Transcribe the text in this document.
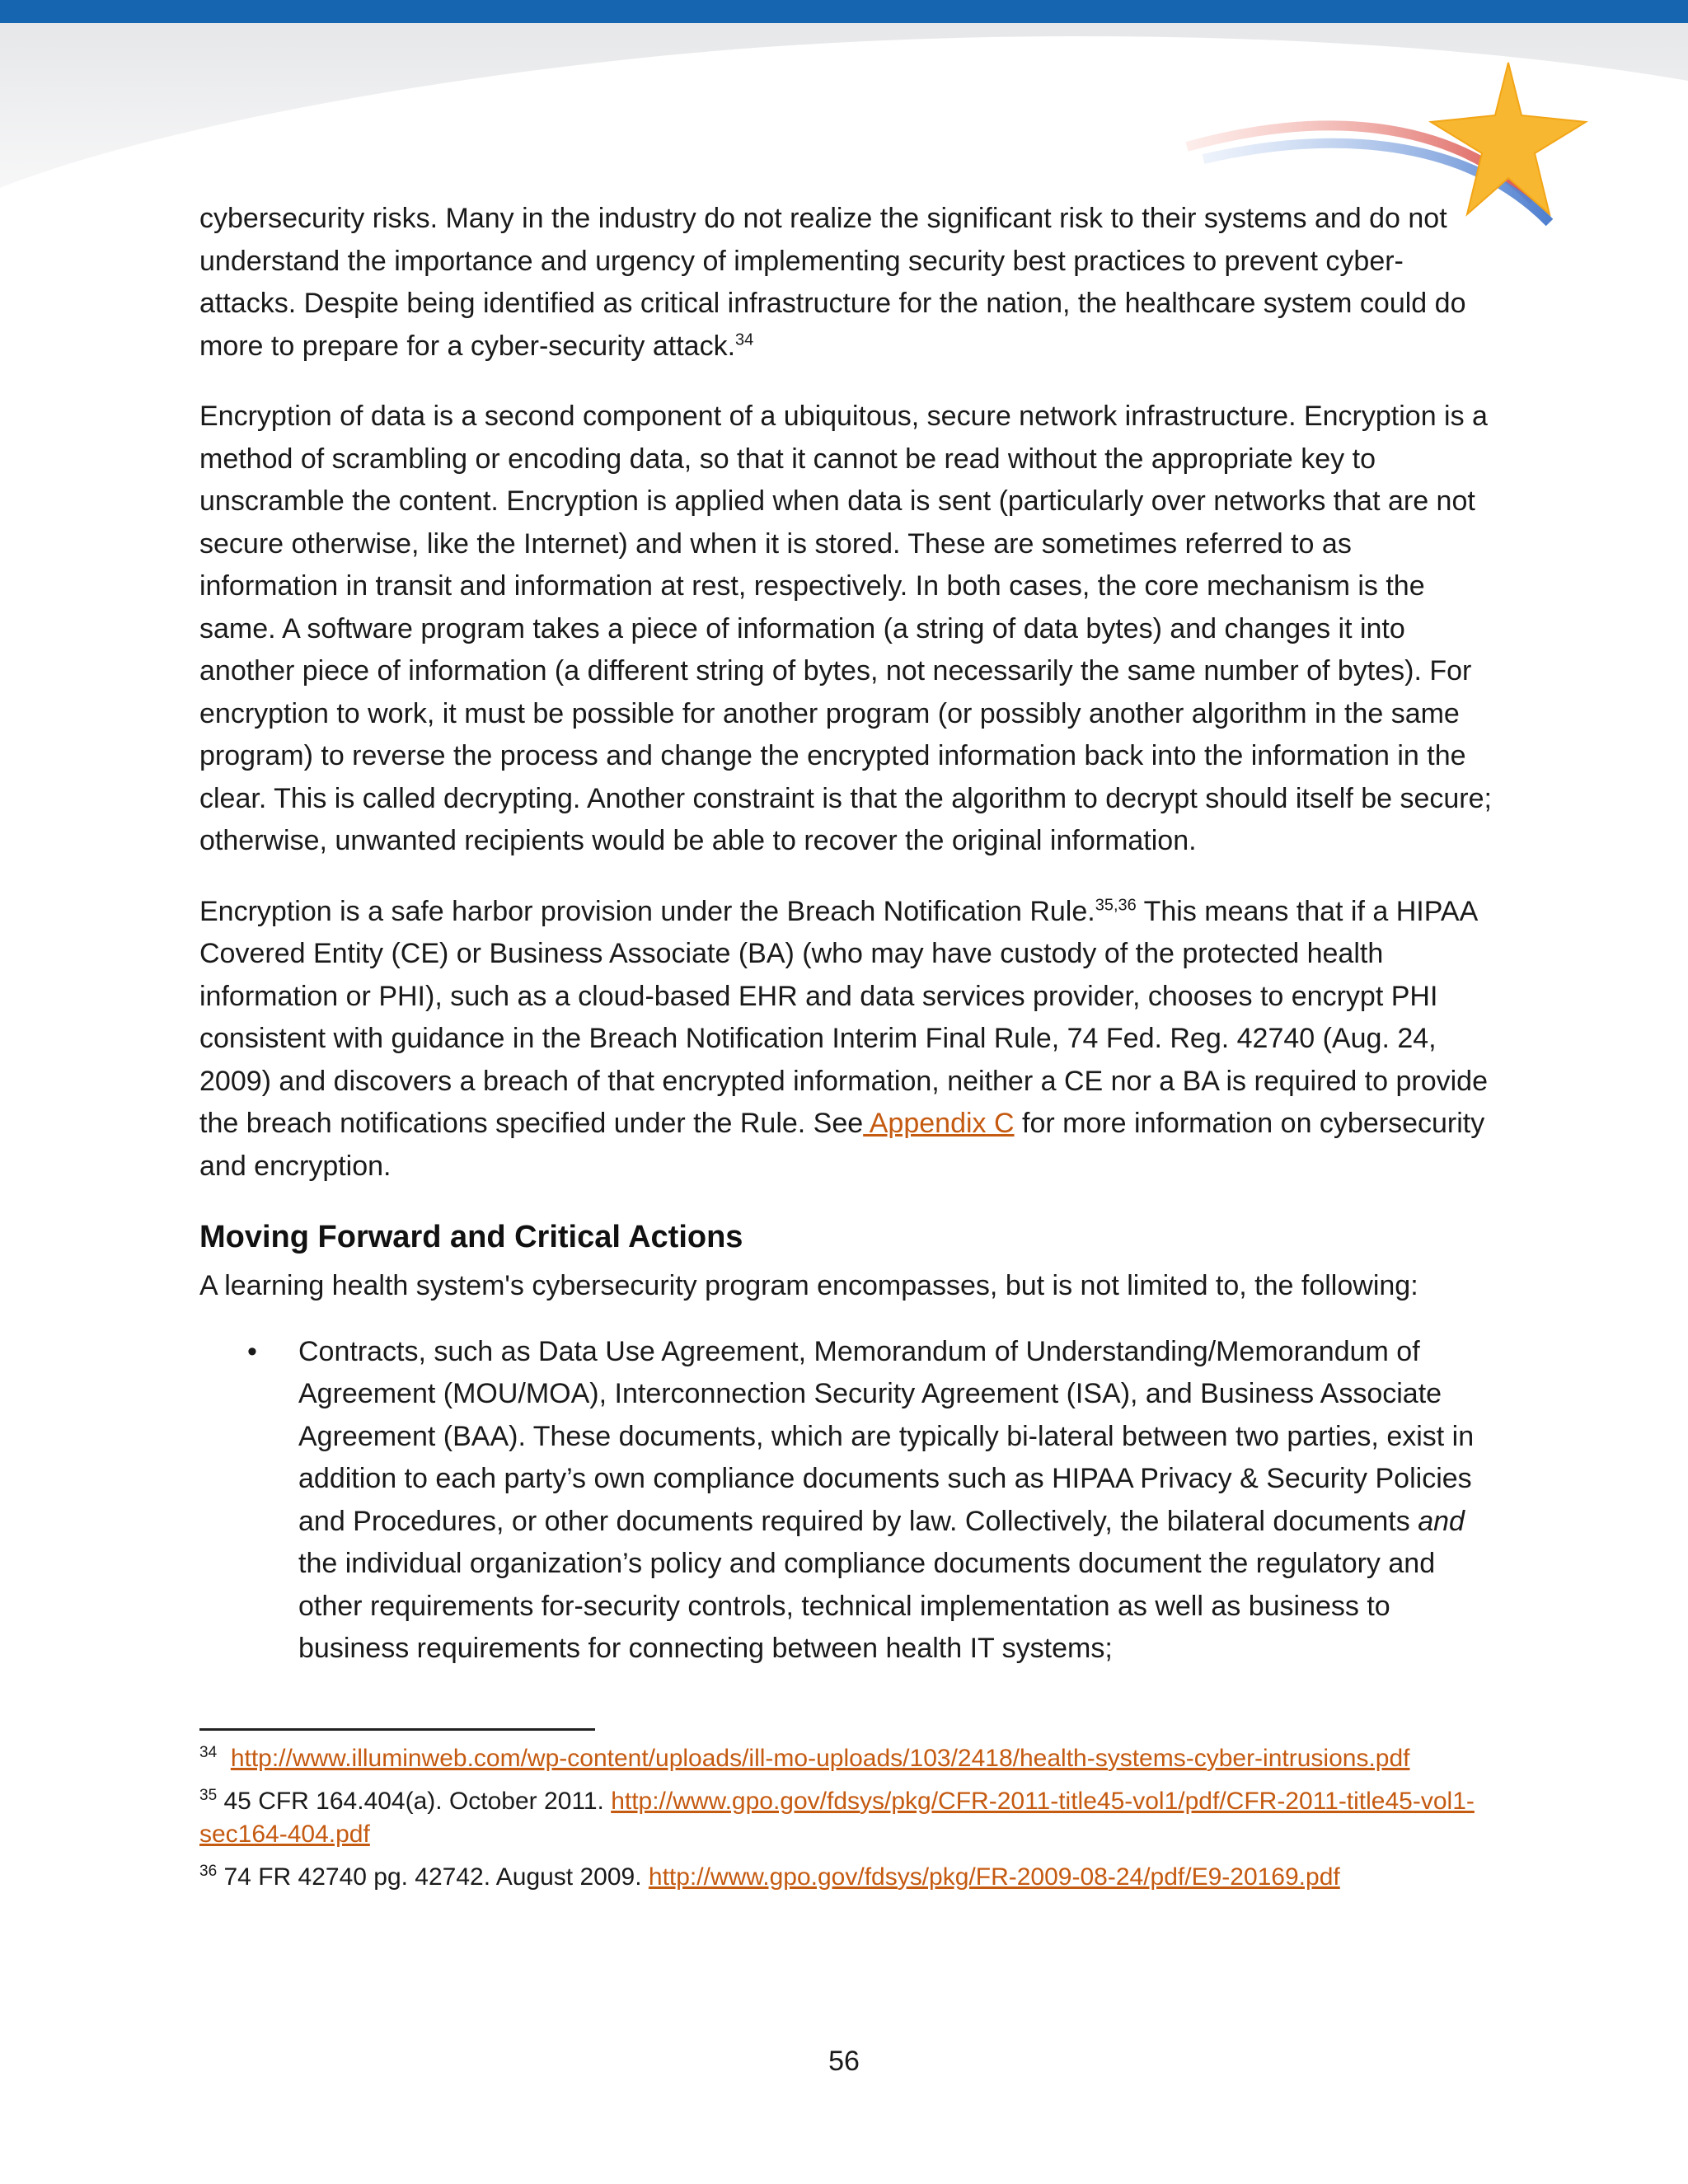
cybersecurity risks. Many in the industry do not realize the significant risk to their systems and do not understand the importance and urgency of implementing security best practices to prevent cyber-attacks. Despite being identified as critical infrastructure for the nation, the healthcare system could do more to prepare for a cyber-security attack.$^{34}$

Encryption of data is a second component of a ubiquitous, secure network infrastructure. Encryption is a method of scrambling or encoding data, so that it cannot be read without the appropriate key to unscramble the content. Encryption is applied when data is sent (particularly over networks that are not secure otherwise, like the Internet) and when it is stored. These are sometimes referred to as information in transit and information at rest, respectively. In both cases, the core mechanism is the same. A software program takes a piece of information (a string of data bytes) and changes it into another piece of information (a different string of bytes, not necessarily the same number of bytes). For encryption to work, it must be possible for another program (or possibly another algorithm in the same program) to reverse the process and change the encrypted information back into the information in the clear. This is called decrypting. Another constraint is that the algorithm to decrypt should itself be secure; otherwise, unwanted recipients would be able to recover the original information.

Encryption is a safe harbor provision under the Breach Notification Rule.$^{35,36}$ This means that if a HIPAA Covered Entity (CE) or Business Associate (BA) (who may have custody of the protected health information or PHI), such as a cloud-based EHR and data services provider, chooses to encrypt PHI consistent with guidance in the Breach Notification Interim Final Rule, 74 Fed. Reg. 42740 (Aug. 24, 2009) and discovers a breach of that encrypted information, neither a CE nor a BA is required to provide the breach notifications specified under the Rule. See Appendix C for more information on cybersecurity and encryption.

Moving Forward and Critical Actions

A learning health system's cybersecurity program encompasses, but is not limited to, the following:

• Contracts, such as Data Use Agreement, Memorandum of Understanding/Memorandum of Agreement (MOU/MOA), Interconnection Security Agreement (ISA), and Business Associate Agreement (BAA). These documents, which are typically bi-lateral between two parties, exist in addition to each party’s own compliance documents such as HIPAA Privacy & Security Policies and Procedures, or other documents required by law. Collectively, the bilateral documents and the individual organization’s policy and compliance documents document the regulatory and other requirements for-security controls, technical implementation as well as business to business requirements for connecting between health IT systems;

$^{34}$ http://www.illuminweb.com/wp-content/uploads/ill-mo-uploads/103/2418/health-systems-cyber-intrusions.pdf

$^{35}$ 45 CFR 164.404(a). October 2011. http://www.gpo.gov/fdsys/pkg/CFR-2011-title45-vol1/pdf/CFR-2011-title45-vol1-sec164-404.pdf

$^{36}$ 74 FR 42740 pg. 42742. August 2009. http://www.gpo.gov/fdsys/pkg/FR-2009-08-24/pdf/E9-20169.pdf

56
